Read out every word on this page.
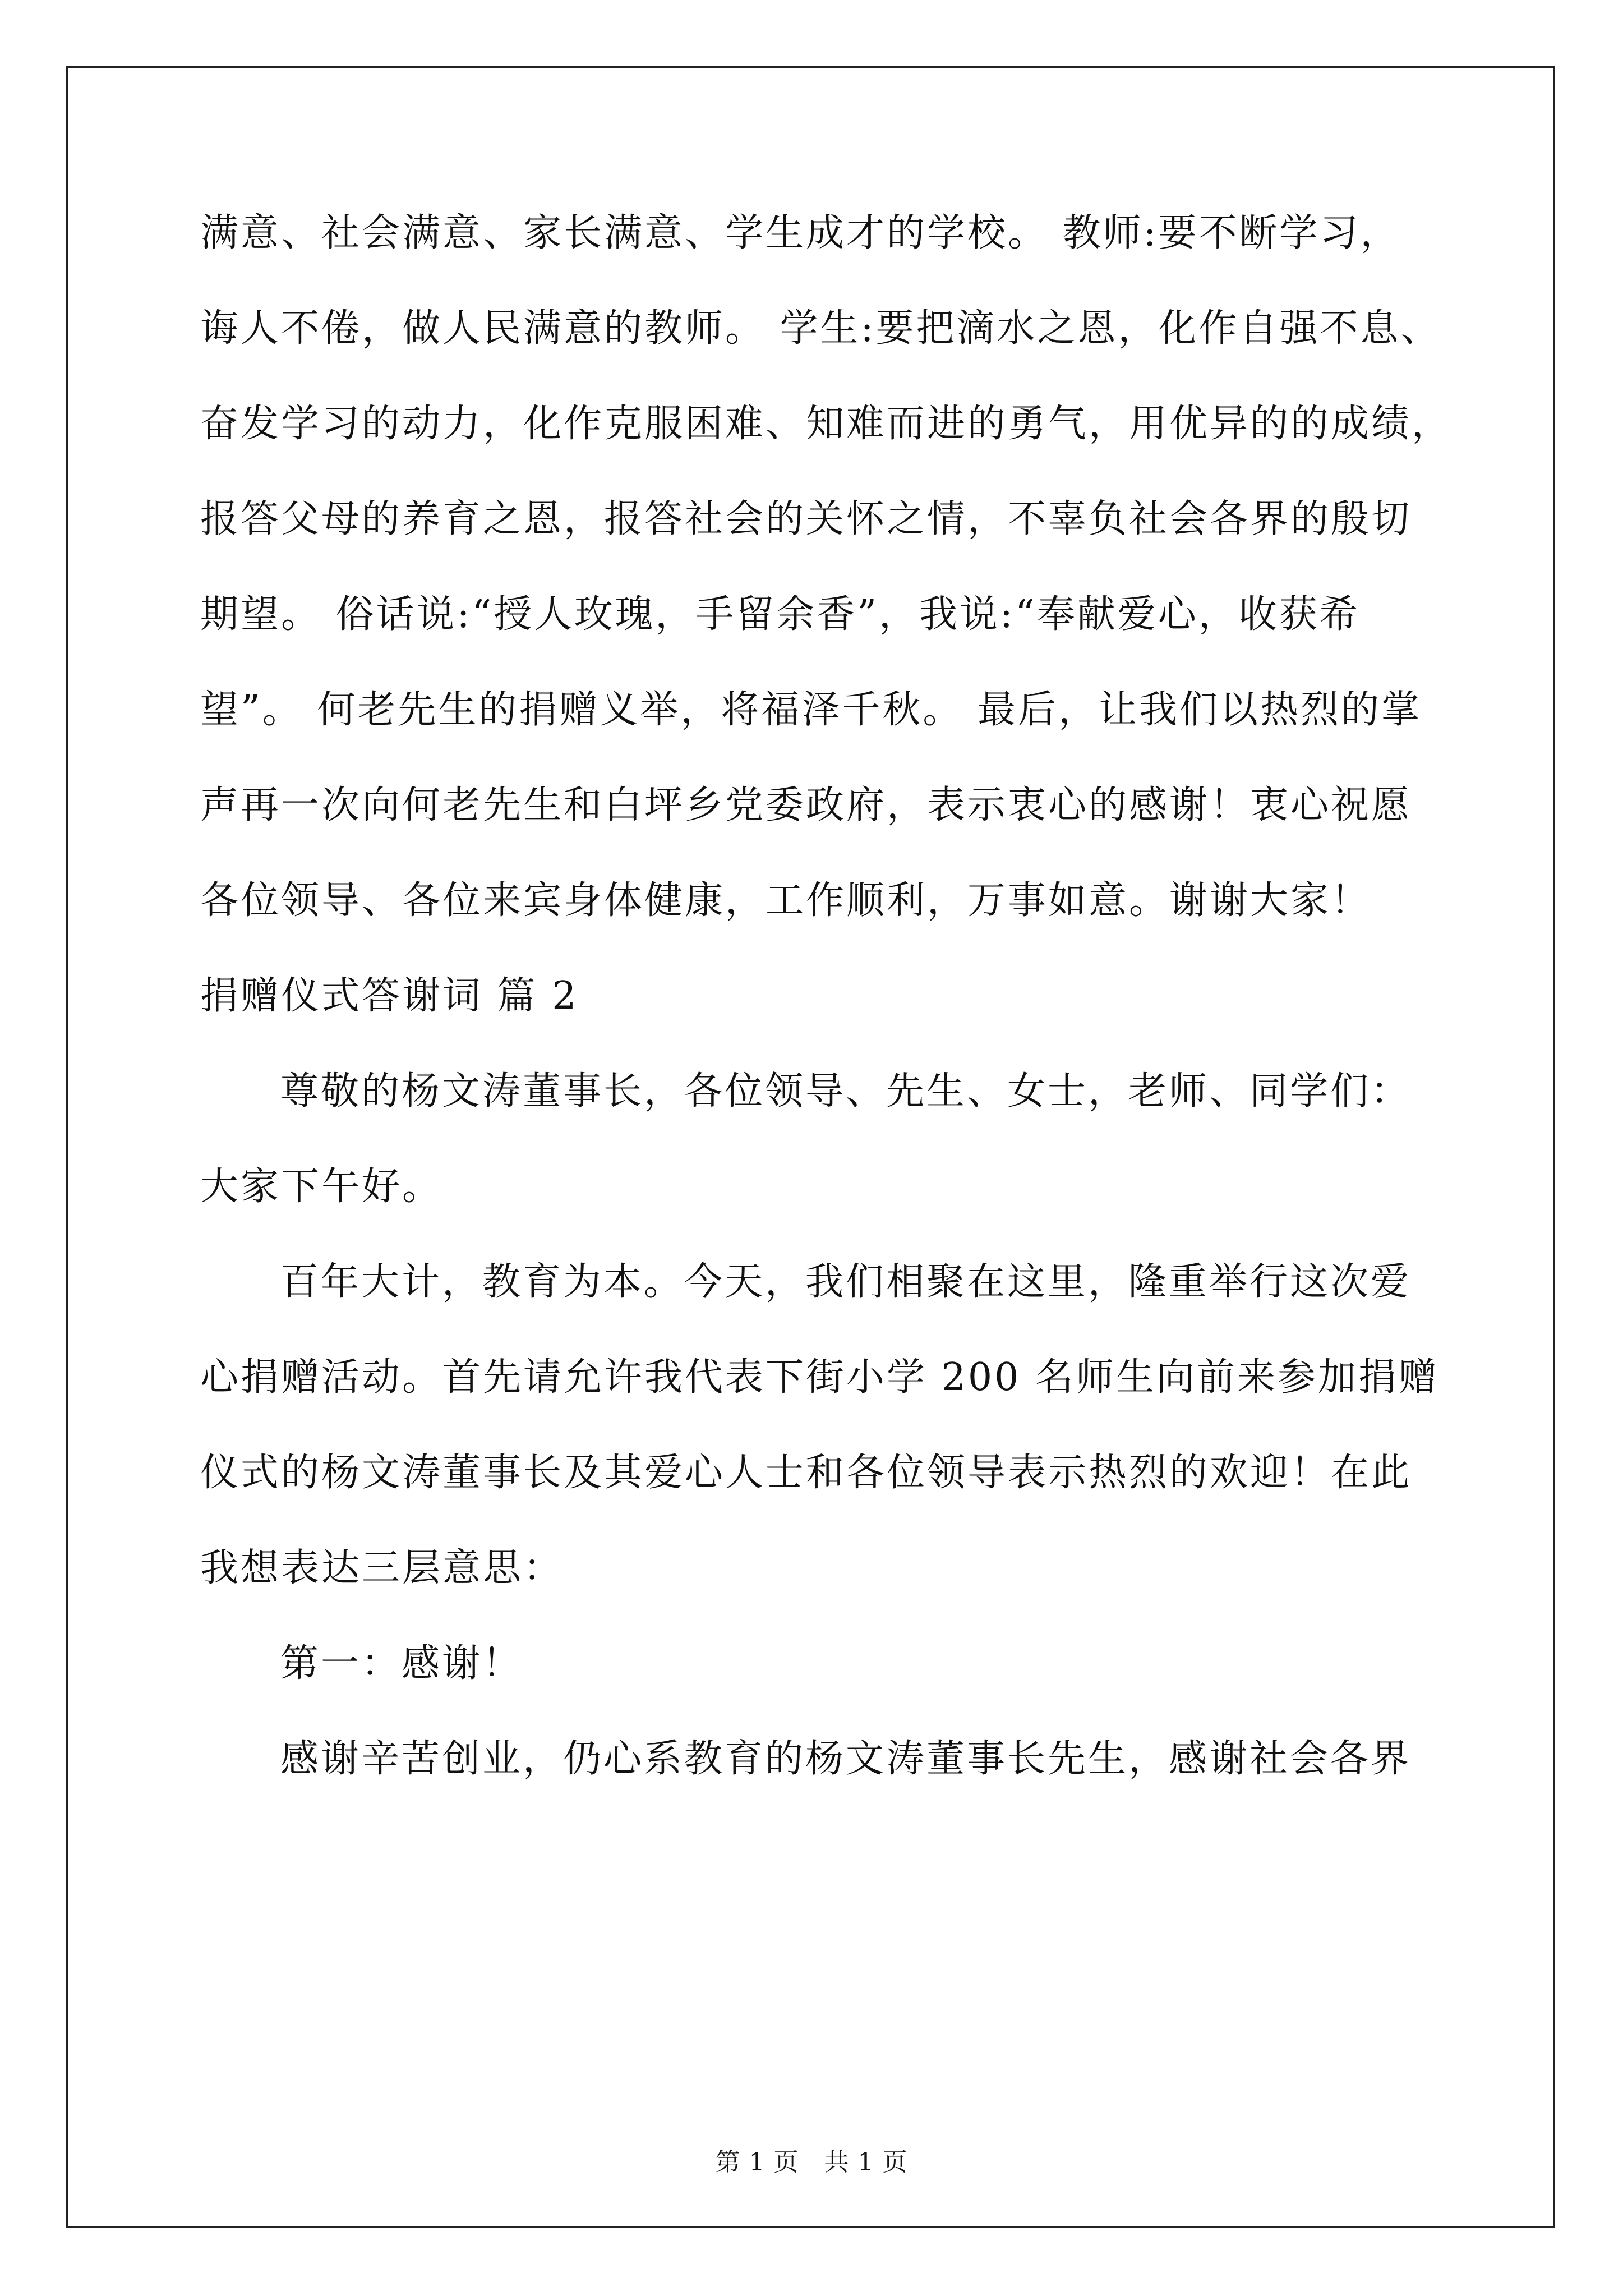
满意、社会满意、家长满意、学生成才的学校。 教师:要不断学习，
诲人不倦，做人民满意的教师。 学生:要把滴水之恩，化作自强不息、
奋发学习的动力，化作克服困难、知难而进的勇气，用优异的的成绩，
报答父母的养育之恩，报答社会的关怀之情，不辜负社会各界的殷切
期望。 俗话说:“授人玫瑰，手留余香”，我说:“奉献爱心，收获希
望”。 何老先生的捐赠义举，将福泽千秋。 最后，让我们以热烈的掌
声再一次向何老先生和白坪乡党委政府，表示衷心的感谢！衷心祝愿
各位领导、各位来宾身体健康，工作顺利，万事如意。谢谢大家！
捐赠仪式答谢词 篇 2
尊敬的杨文涛董事长，各位领导、先生、女士，老师、同学们：
大家下午好。
百年大计，教育为本。今天，我们相聚在这里，隆重举行这次爱
心捐赠活动。首先请允许我代表下街小学 200 名师生向前来参加捐赠
仪式的杨文涛董事长及其爱心人士和各位领导表示热烈的欢迎！在此
我想表达三层意思：
第一：感谢！
感谢辛苦创业，仍心系教育的杨文涛董事长先生，感谢社会各界
第 1 页   共 1 页
